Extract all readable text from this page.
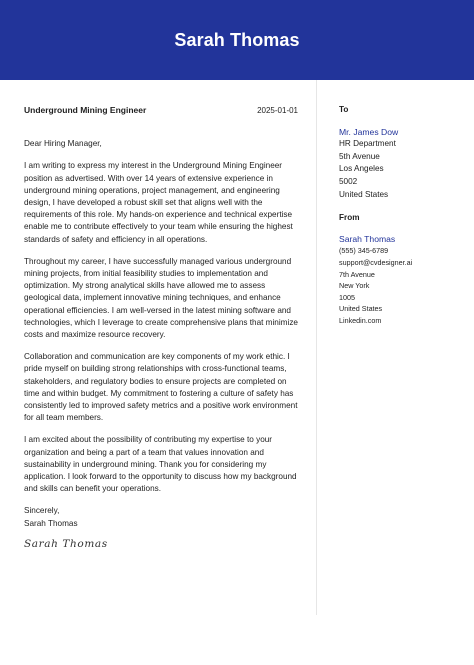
Sarah Thomas
Underground Mining Engineer	2025-01-01
Dear Hiring Manager,

I am writing to express my interest in the Underground Mining Engineer position as advertised. With over 14 years of extensive experience in underground mining operations, project management, and engineering design, I have developed a robust skill set that aligns well with the requirements of this role. My hands-on experience and technical expertise enable me to contribute effectively to your team while ensuring the highest standards of safety and efficiency in all operations.

Throughout my career, I have successfully managed various underground mining projects, from initial feasibility studies to implementation and optimization. My strong analytical skills have allowed me to assess geological data, implement innovative mining techniques, and enhance operational efficiencies. I am well-versed in the latest mining software and technologies, which I leverage to create comprehensive plans that minimize costs and maximize resource recovery.

Collaboration and communication are key components of my work ethic. I pride myself on building strong relationships with cross-functional teams, stakeholders, and regulatory bodies to ensure projects are completed on time and within budget. My commitment to fostering a culture of safety has consistently led to improved safety metrics and a positive work environment for all team members.

I am excited about the possibility of contributing my expertise to your organization and being a part of a team that values innovation and sustainability in underground mining. Thank you for considering my application. I look forward to the opportunity to discuss how my background and skills can benefit your operations.

Sincerely,
Sarah Thomas
Sarah Thomas
To
Mr. James Dow
HR Department
5th Avenue
Los Angeles
5002
United States
From
Sarah Thomas
(555) 345-6789
support@cvdesigner.ai
7th Avenue
New York
1005
United States
Linkedin.com
